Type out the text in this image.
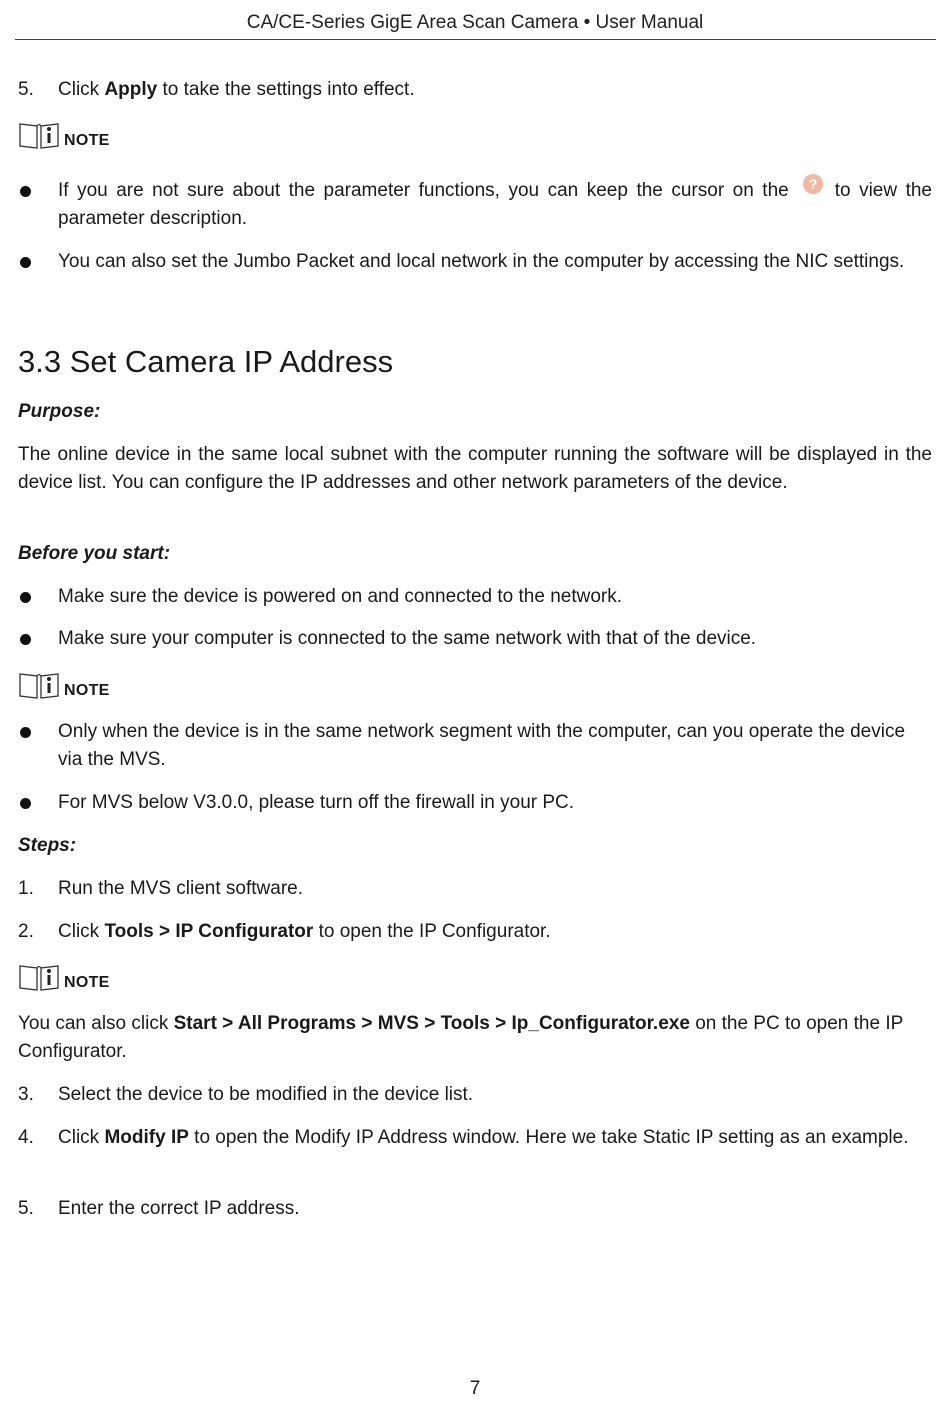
CA/CE-Series GigE Area Scan Camera • User Manual
5.	Click Apply to take the settings into effect.
NOTE
If you are not sure about the parameter functions, you can keep the cursor on the ? to view the parameter description.
You can also set the Jumbo Packet and local network in the computer by accessing the NIC settings.
3.3 Set Camera IP Address
Purpose:
The online device in the same local subnet with the computer running the software will be displayed in the device list. You can configure the IP addresses and other network parameters of the device.
Before you start:
Make sure the device is powered on and connected to the network.
Make sure your computer is connected to the same network with that of the device.
NOTE
Only when the device is in the same network segment with the computer, can you operate the device via the MVS.
For MVS below V3.0.0, please turn off the firewall in your PC.
Steps:
1.	Run the MVS client software.
2.	Click Tools > IP Configurator to open the IP Configurator.
NOTE
You can also click Start > All Programs > MVS > Tools > Ip_Configurator.exe on the PC to open the IP Configurator.
3.	Select the device to be modified in the device list.
4.	Click Modify IP to open the Modify IP Address window. Here we take Static IP setting as an example.
5.	Enter the correct IP address.
7
